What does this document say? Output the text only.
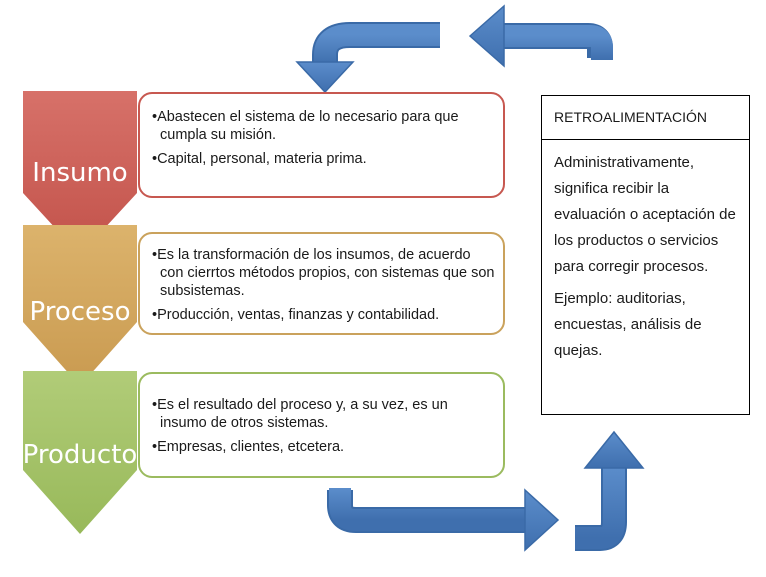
Insumo
Proceso
Producto

•Abastecen el sistema de lo necesario para que cumpla su misión.

•Capital, personal, materia prima.

•Es la transformación de los insumos, de acuerdo con cierrtos métodos propios, con sistemas que son subsistemas.

•Producción, ventas, finanzas y contabilidad.

•Es el resultado del proceso y, a su vez, es un insumo de otros sistemas.

•Empresas, clientes, etcetera.

RETROALIMENTACIÓN

Administrativamente, significa recibir la evaluación o aceptación de los productos o servicios para corregir procesos.

Ejemplo: auditorias, encuestas, análisis de quejas.
